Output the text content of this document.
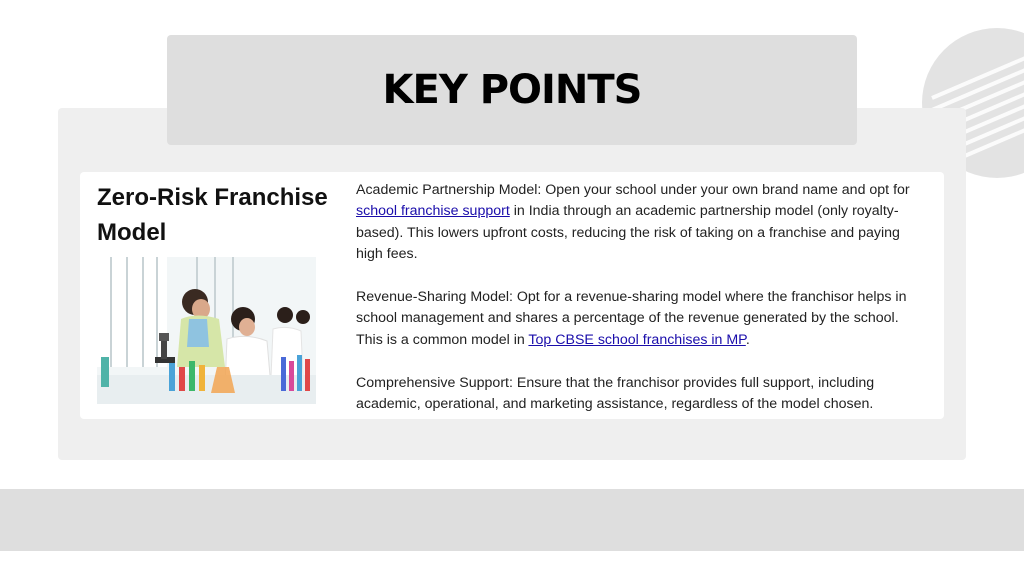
KEY POINTS
Zero-Risk Franchise Model

Academic Partnership Model: Open your school under your own brand name and opt for school franchise support in India through an academic partnership model (only royalty-based). This lowers upfront costs, reducing the risk of taking on a franchise and paying high fees.

Revenue-Sharing Model: Opt for a revenue-sharing model where the franchisor helps in school management and shares a percentage of the revenue generated by the school. This is a common model in Top CBSE school franchises in MP.

Comprehensive Support: Ensure that the franchisor provides full support, including academic, operational, and marketing assistance, regardless of the model chosen.
